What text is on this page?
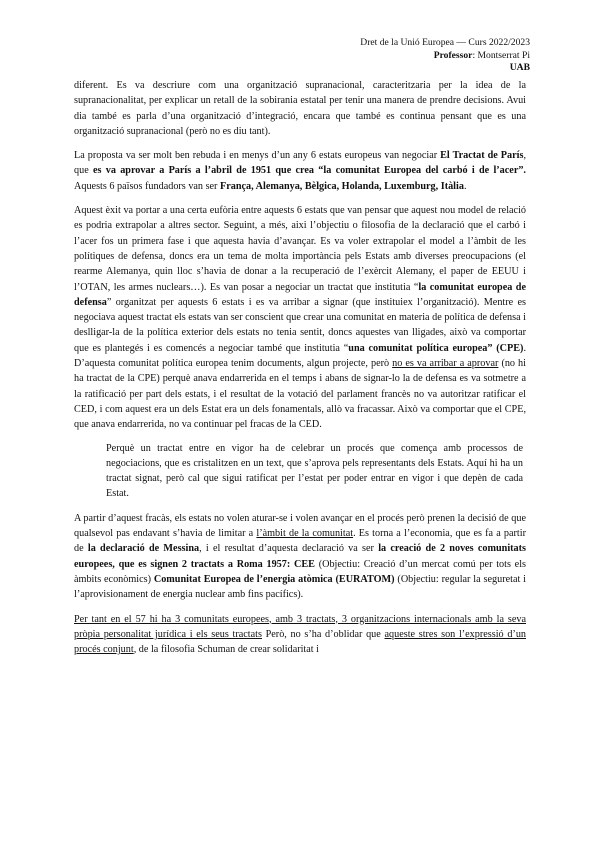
Dret de la Unió Europea — Curs 2022/2023
Professor: Montserrat Pi
UAB

diferent. Es va descriure com una organització supranacional, caracteritzaria per la idea de la supranacionalitat, per explicar un retall de la sobirania estatal per tenir una manera de prendre decisions. Avui dia també es parla d’una organització d’integració, encara que també es continua pensant que es una organització supranacional (però no es diu tant).

La proposta va ser molt ben rebuda i en menys d’un any 6 estats europeus van negociar El Tractat de París, que es va aprovar a París a l’abril de 1951 que crea “la comunitat Europea del carbó i de l’acer”. Aquests 6 països fundadors van ser França, Alemanya, Bèlgica, Holanda, Luxemburg, Itàlia.

Aquest èxit va portar a una certa eufòria entre aquests 6 estats que van pensar que aquest nou model de relació es podria extrapolar a altres sector. Seguint, a més, aixi l’objectiu o filosofia de la declaració que el carbó i l’acer fos un primera fase i que aquesta havia d’avançar. Es va voler extrapolar el model a l’àmbit de les polítiques de defensa, doncs era un tema de molta importància pels Estats amb diverses preocupacions (el rearme Alemanya, quin lloc s’havia de donar a la recuperació de l’exèrcit Alemany, el paper de EEUU i l’OTAN, les armes nuclears…). Es van posar a negociar un tractat que institutia “la comunitat europea de defensa” organitzat per aquests 6 estats i es va arribar a signar (que instituiex l’organització). Mentre es negociava aquest tractat els estats van ser conscient que crear una comunitat en materia de política de defensa i deslligar-la de la política exterior dels estats no tenia sentit, doncs aquestes van lligades, això va comportar que es plantegés i es comencés a negociar també que institutia “una comunitat política europea” (CPE). D’aquesta comunitat política europea tenim documents, algun projecte, però no es va arribar a aprovar (no hi ha tractat de la CPE) perquè anava endarrerida en el temps i abans de signar-lo la de defensa es va sotmetre a la ratificació per part dels estats, i el resultat de la votació del parlament francès no va autoritzar ratificar el CED, i com aquest era un dels Estat era un dels fonamentals, allò va fracassar. Això va comportar que el CPE, que anava endarrerida, no va continuar pel fracas de la CED.

Perquè un tractat entre en vigor ha de celebrar un procés que comença amb processos de negociacions, que es cristalitzen en un text, que s’aprova pels representants dels Estats. Aquí hi ha un tractat signat, però cal que sigui ratificat per l’estat per poder entrar en vigor i que depèn de cada Estat.

A partir d’aquest fracàs, els estats no volen aturar-se i volen avançar en el procés però prenen la decisió de que qualsevol pas endavant s’havia de limitar a l’àmbit de la comunitat. Es torna a l’economia, que es fa a partir de la declaració de Messina, i el resultat d’aquesta declaració va ser la creació de 2 noves comunitats europees, que es signen 2 tractats a Roma 1957: CEE (Objectiu: Creació d’un mercat comú per tots els àmbits econòmics) Comunitat Europea de l’energia atòmica (EURATOM) (Objectiu: regular la seguretat i l’aprovisionament de energia nuclear amb fins pacífics).

Per tant en el 57 hi ha 3 comunitats europees, amb 3 tractats, 3 organitzacions internacionals amb la seva pròpia personalitat jurídica i els seus tractats Però, no s’ha d’oblidar que aqueste stres son l’expressió d’un procés conjunt, de la filosofia Schuman de crear solidaritat i
